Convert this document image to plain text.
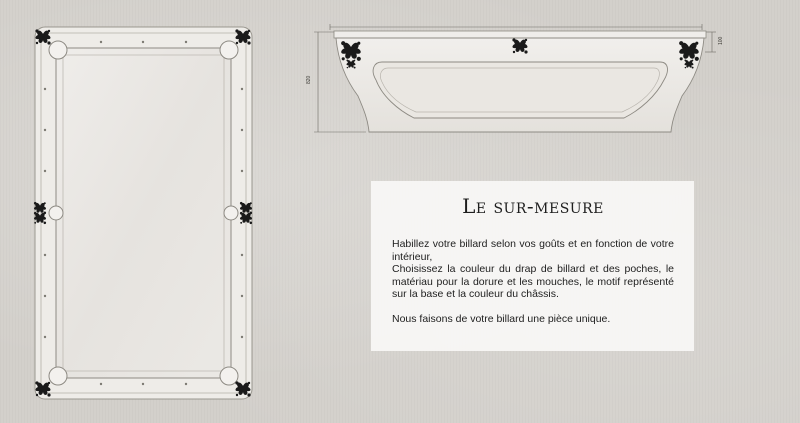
820
100
Le sur-mesure

Habillez votre billard selon vos goûts et en fonction de votre intérieur,

Choisissez la couleur du drap de billard et des poches, le matériau pour la dorure et les mouches, le motif représenté sur la base et la couleur du châssis.

Nous faisons de votre billard une pièce unique.
